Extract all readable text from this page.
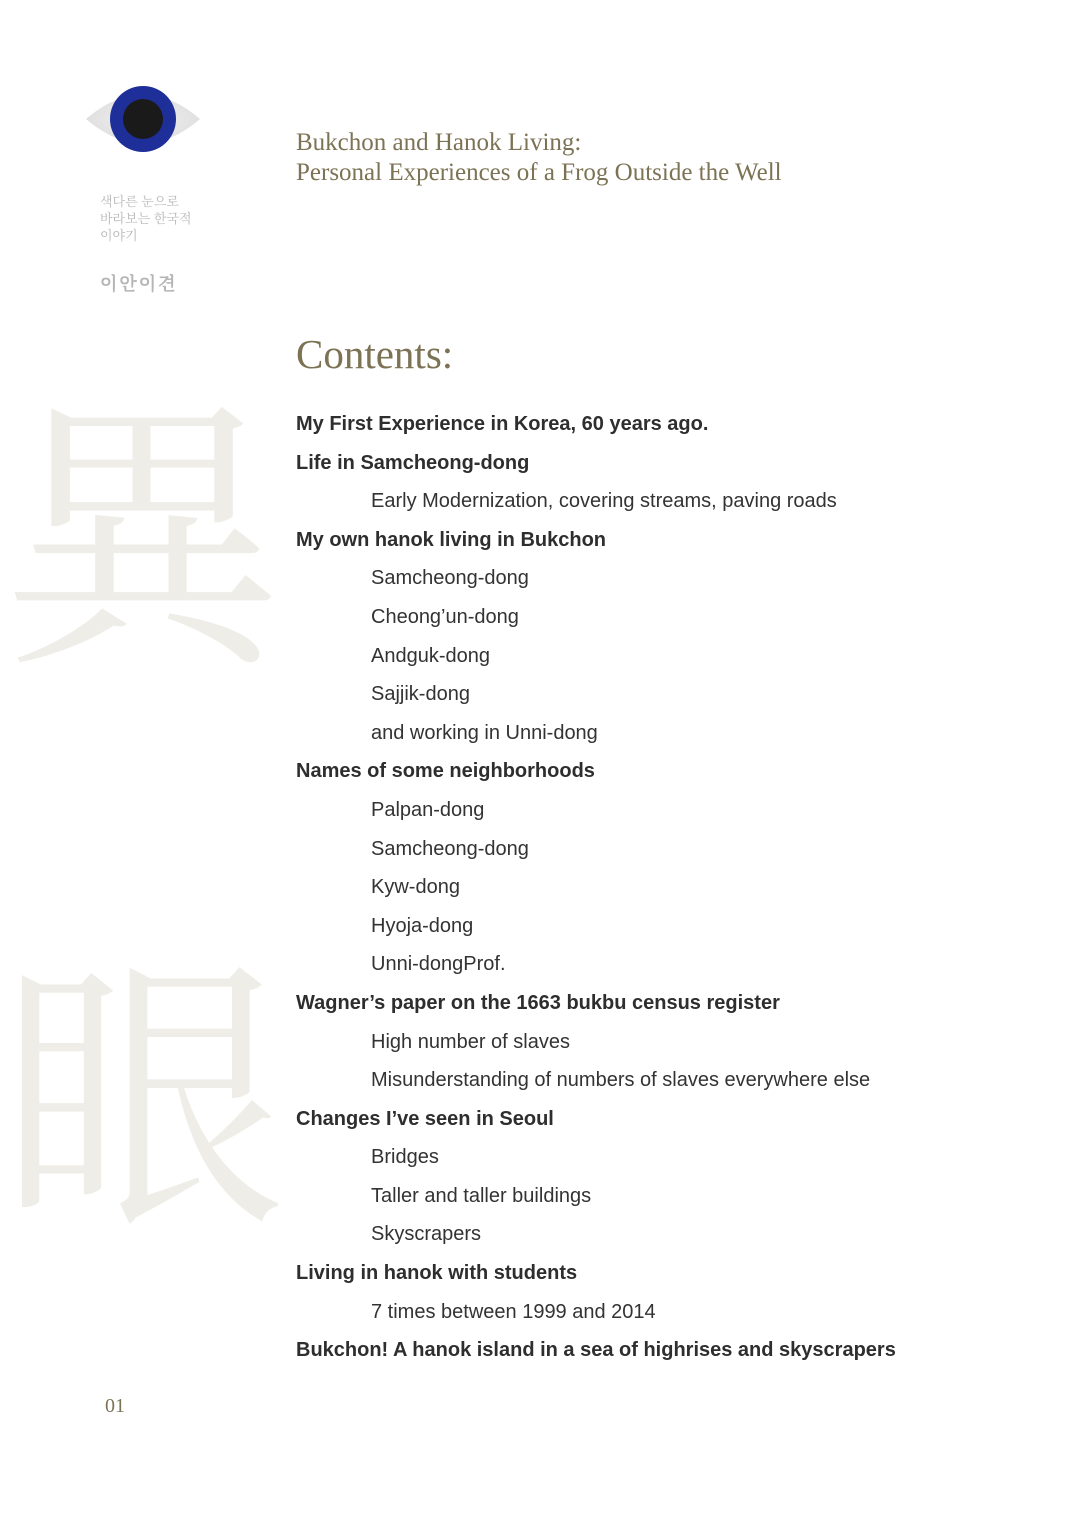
異
眼
색다른 눈으로
바라보는 한국적
이야기
이안이견
Bukchon and Hanok Living:
Personal Experiences of a Frog Outside the Well
Contents:
My First Experience in Korea, 60 years ago.
Life in Samcheong-dong
Early Modernization, covering streams, paving roads
My own hanok living in Bukchon
Samcheong-dong
Cheong’un-dong
Andguk-dong
Sajjik-dong
and working in Unni-dong
Names of some neighborhoods
Palpan-dong
Samcheong-dong
Kyw-dong
Hyoja-dong
Unni-dongProf.
Wagner’s paper on the 1663 bukbu census register
High number of slaves
Misunderstanding of numbers of slaves everywhere else
Changes I’ve seen in Seoul
Bridges
Taller and taller buildings
Skyscrapers
Living in hanok with students
7 times between 1999 and 2014
Bukchon! A hanok island in a sea of highrises and skyscrapers
01
